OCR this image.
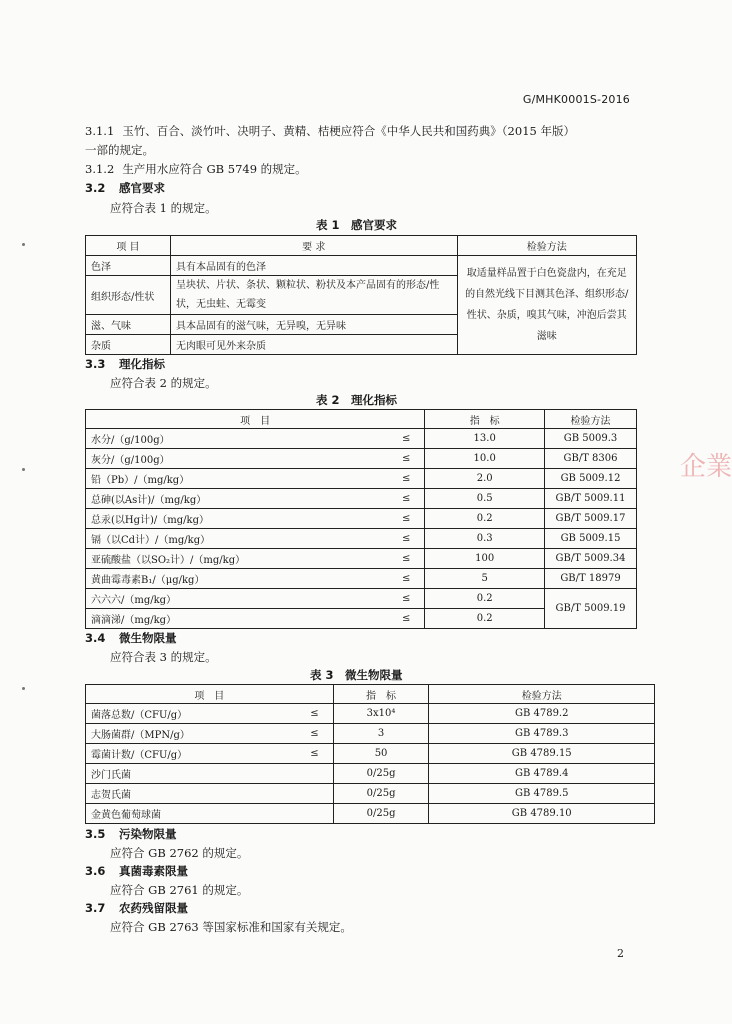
G/MHK0001S-2016
3.1.1 玉竹、百合、淡竹叶、决明子、黄精、桔梗应符合《中华人民共和国药典》（2015 年版）
一部的规定。
3.1.2 生产用水应符合 GB 5749 的规定。
3.2 感官要求
应符合表 1 的规定。
表 1　感官要求
项 目	要 求	检验方法
色泽	具有本品固有的色泽	取适量样品置于白色瓷盘内，在充足的自然光线下目测其色泽、组织形态/性状、杂质，嗅其气味，冲泡后尝其滋味
组织形态/性状	呈块状、片状、条状、颗粒状、粉状及本产品固有的形态/性状，无虫蛀、无霉变	
滋、气味	具本品固有的滋气味，无异嗅，无异味	
杂质	无肉眼可见外来杂质	
3.3 理化指标
应符合表 2 的规定。
表 2　理化指标
项　目		指　标	检验方法
水分/（g/100g）	≤	13.0	GB 5009.3
灰分/（g/100g）	≤	10.0	GB/T 8306
铅（Pb）/（mg/kg）	≤	2.0	GB 5009.12
总砷(以As计)/（mg/kg）	≤	0.5	GB/T 5009.11
总汞(以Hg计)/（mg/kg）	≤	0.2	GB/T 5009.17
镉（以Cd计）/（mg/kg）	≤	0.3	GB 5009.15
亚硫酸盐（以SO₂计）/（mg/kg）	≤	100	GB/T 5009.34
黄曲霉毒素B₁/（μg/kg）	≤	5	GB/T 18979
六六六/（mg/kg）	≤	0.2	GB/T 5009.19
滴滴涕/（mg/kg）	≤	0.2	
3.4 微生物限量
应符合表 3 的规定。
表 3　微生物限量
项　目		指　标	检验方法
菌落总数/（CFU/g）	≤	3x10⁴	GB 4789.2
大肠菌群/（MPN/g）	≤	3	GB 4789.3
霉菌计数/（CFU/g）	≤	50	GB 4789.15
沙门氏菌		0/25g	GB 4789.4
志贺氏菌		0/25g	GB 4789.5
金黄色葡萄球菌		0/25g	GB 4789.10
3.5 污染物限量
应符合 GB 2762 的规定。
3.6 真菌毒素限量
应符合 GB 2761 的规定。
3.7 农药残留限量
应符合 GB 2763 等国家标准和国家有关规定。
企業
2
